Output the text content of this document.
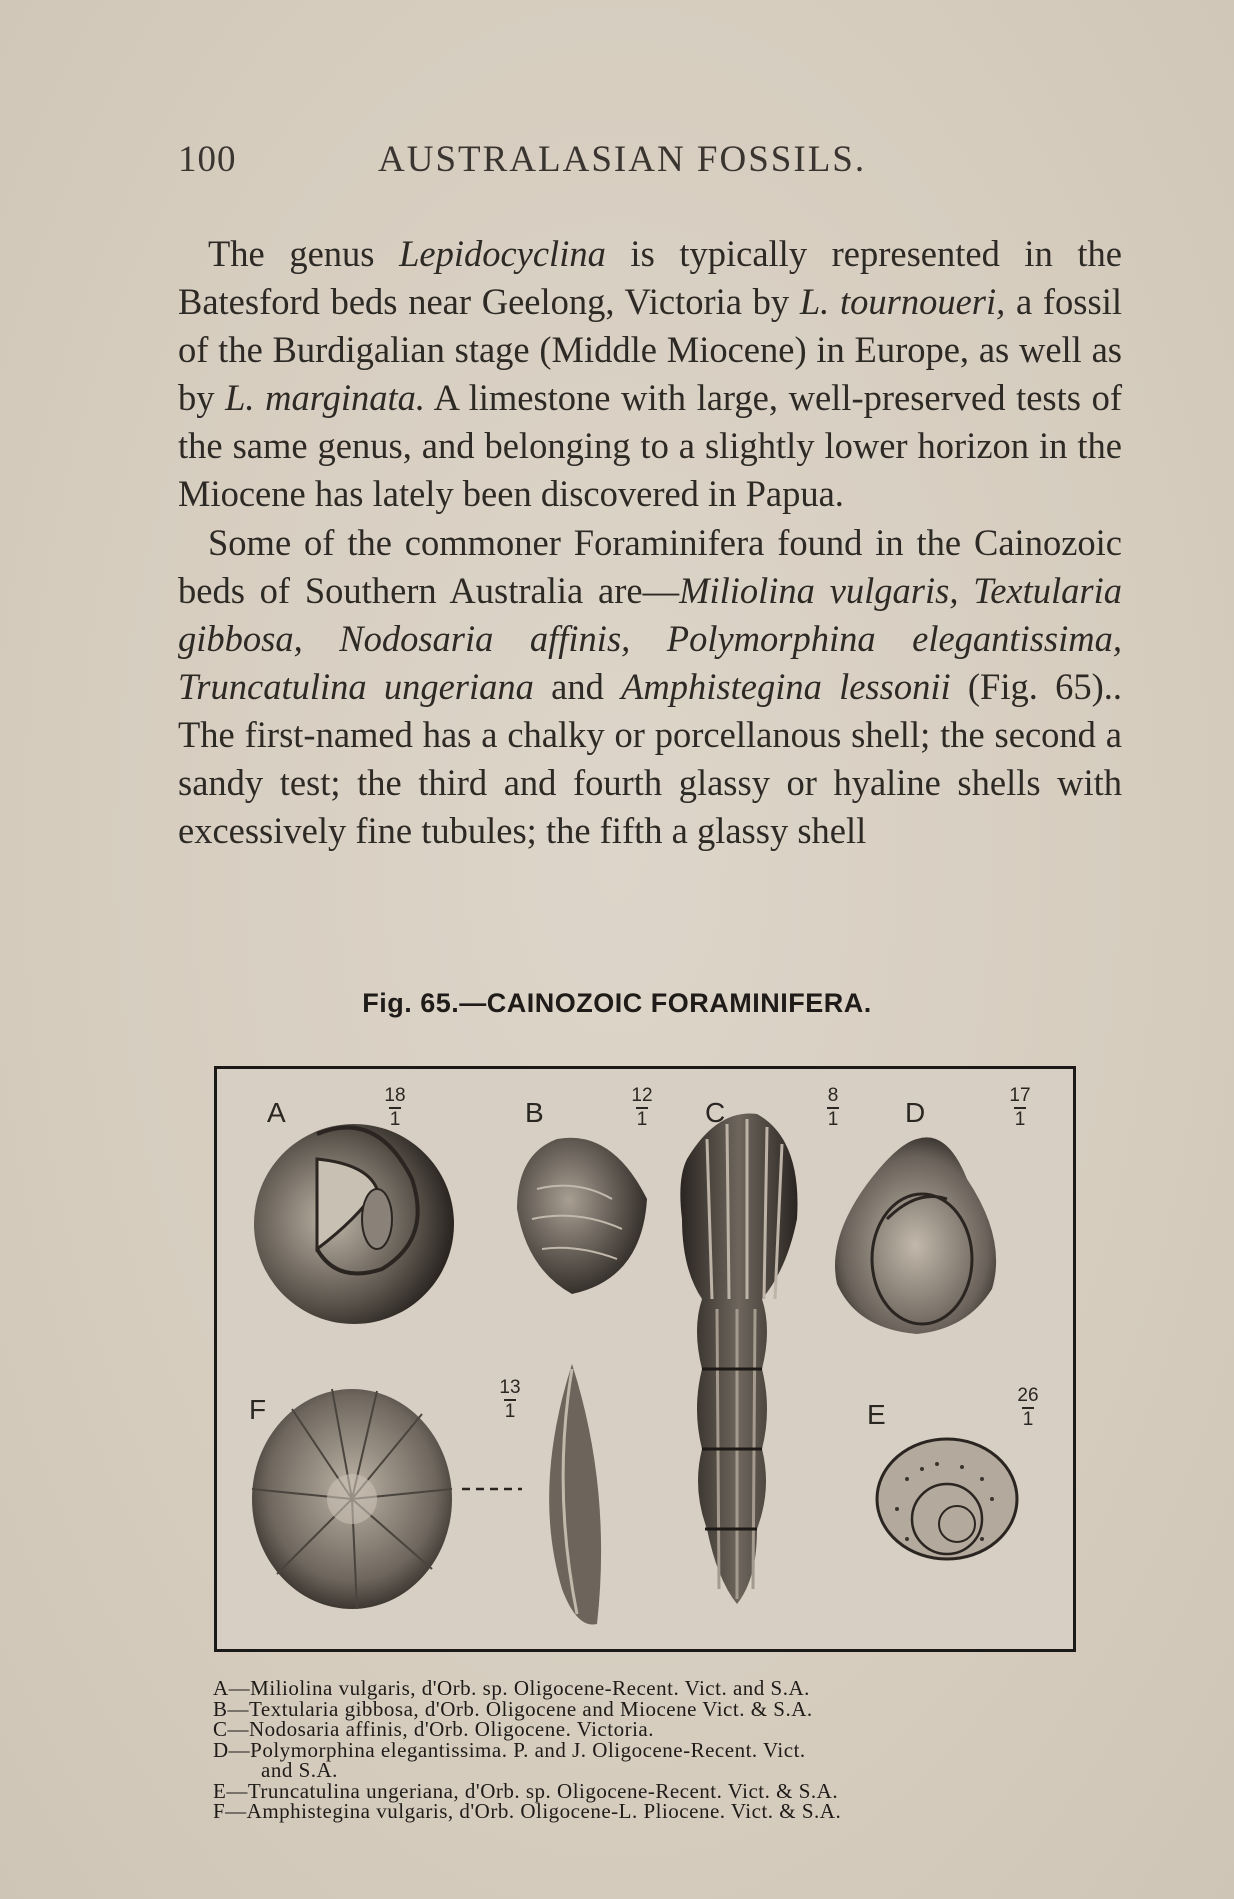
100	AUSTRALASIAN FOSSILS.

The genus Lepidocyclina is typically represented in the Batesford beds near Geelong, Victoria by L. tournoueri, a fossil of the Burdigalian stage (Middle Miocene) in Europe, as well as by L. marginata. A limestone with large, well-preserved tests of the same genus, and belonging to a slightly lower horizon in the Miocene has lately been discovered in Papua.

Some of the commoner Foraminifera found in the Cainozoic beds of Southern Australia are—Miliolina vulgaris, Textularia gibbosa, Nodosaria affinis, Polymorphina elegantissima, Truncatulina ungeriana and Amphistegina lessonii (Fig. 65).. The first-named has a chalky or porcellanous shell; the second a sandy test; the third and fourth glassy or hyaline shells with excessively fine tubules; the fifth a glassy shell

Fig. 65.—CAINOZOIC FORAMINIFERA.
A
18
1	B
12
1	C
8
1	D
17
1
F
13
1	E
26
1
A—Miliolina vulgaris, d'Orb. sp. Oligocene-Recent. Vict. and S.A.
B—Textularia gibbosa, d'Orb. Oligocene and Miocene Vict. & S.A.
C—Nodosaria affinis, d'Orb. Oligocene. Victoria.
D—Polymorphina elegantissima. P. and J. Oligocene-Recent. Vict.
and S.A.
E—Truncatulina ungeriana, d'Orb. sp. Oligocene-Recent. Vict. & S.A.
F—Amphistegina vulgaris, d'Orb. Oligocene-L. Pliocene. Vict. & S.A.
